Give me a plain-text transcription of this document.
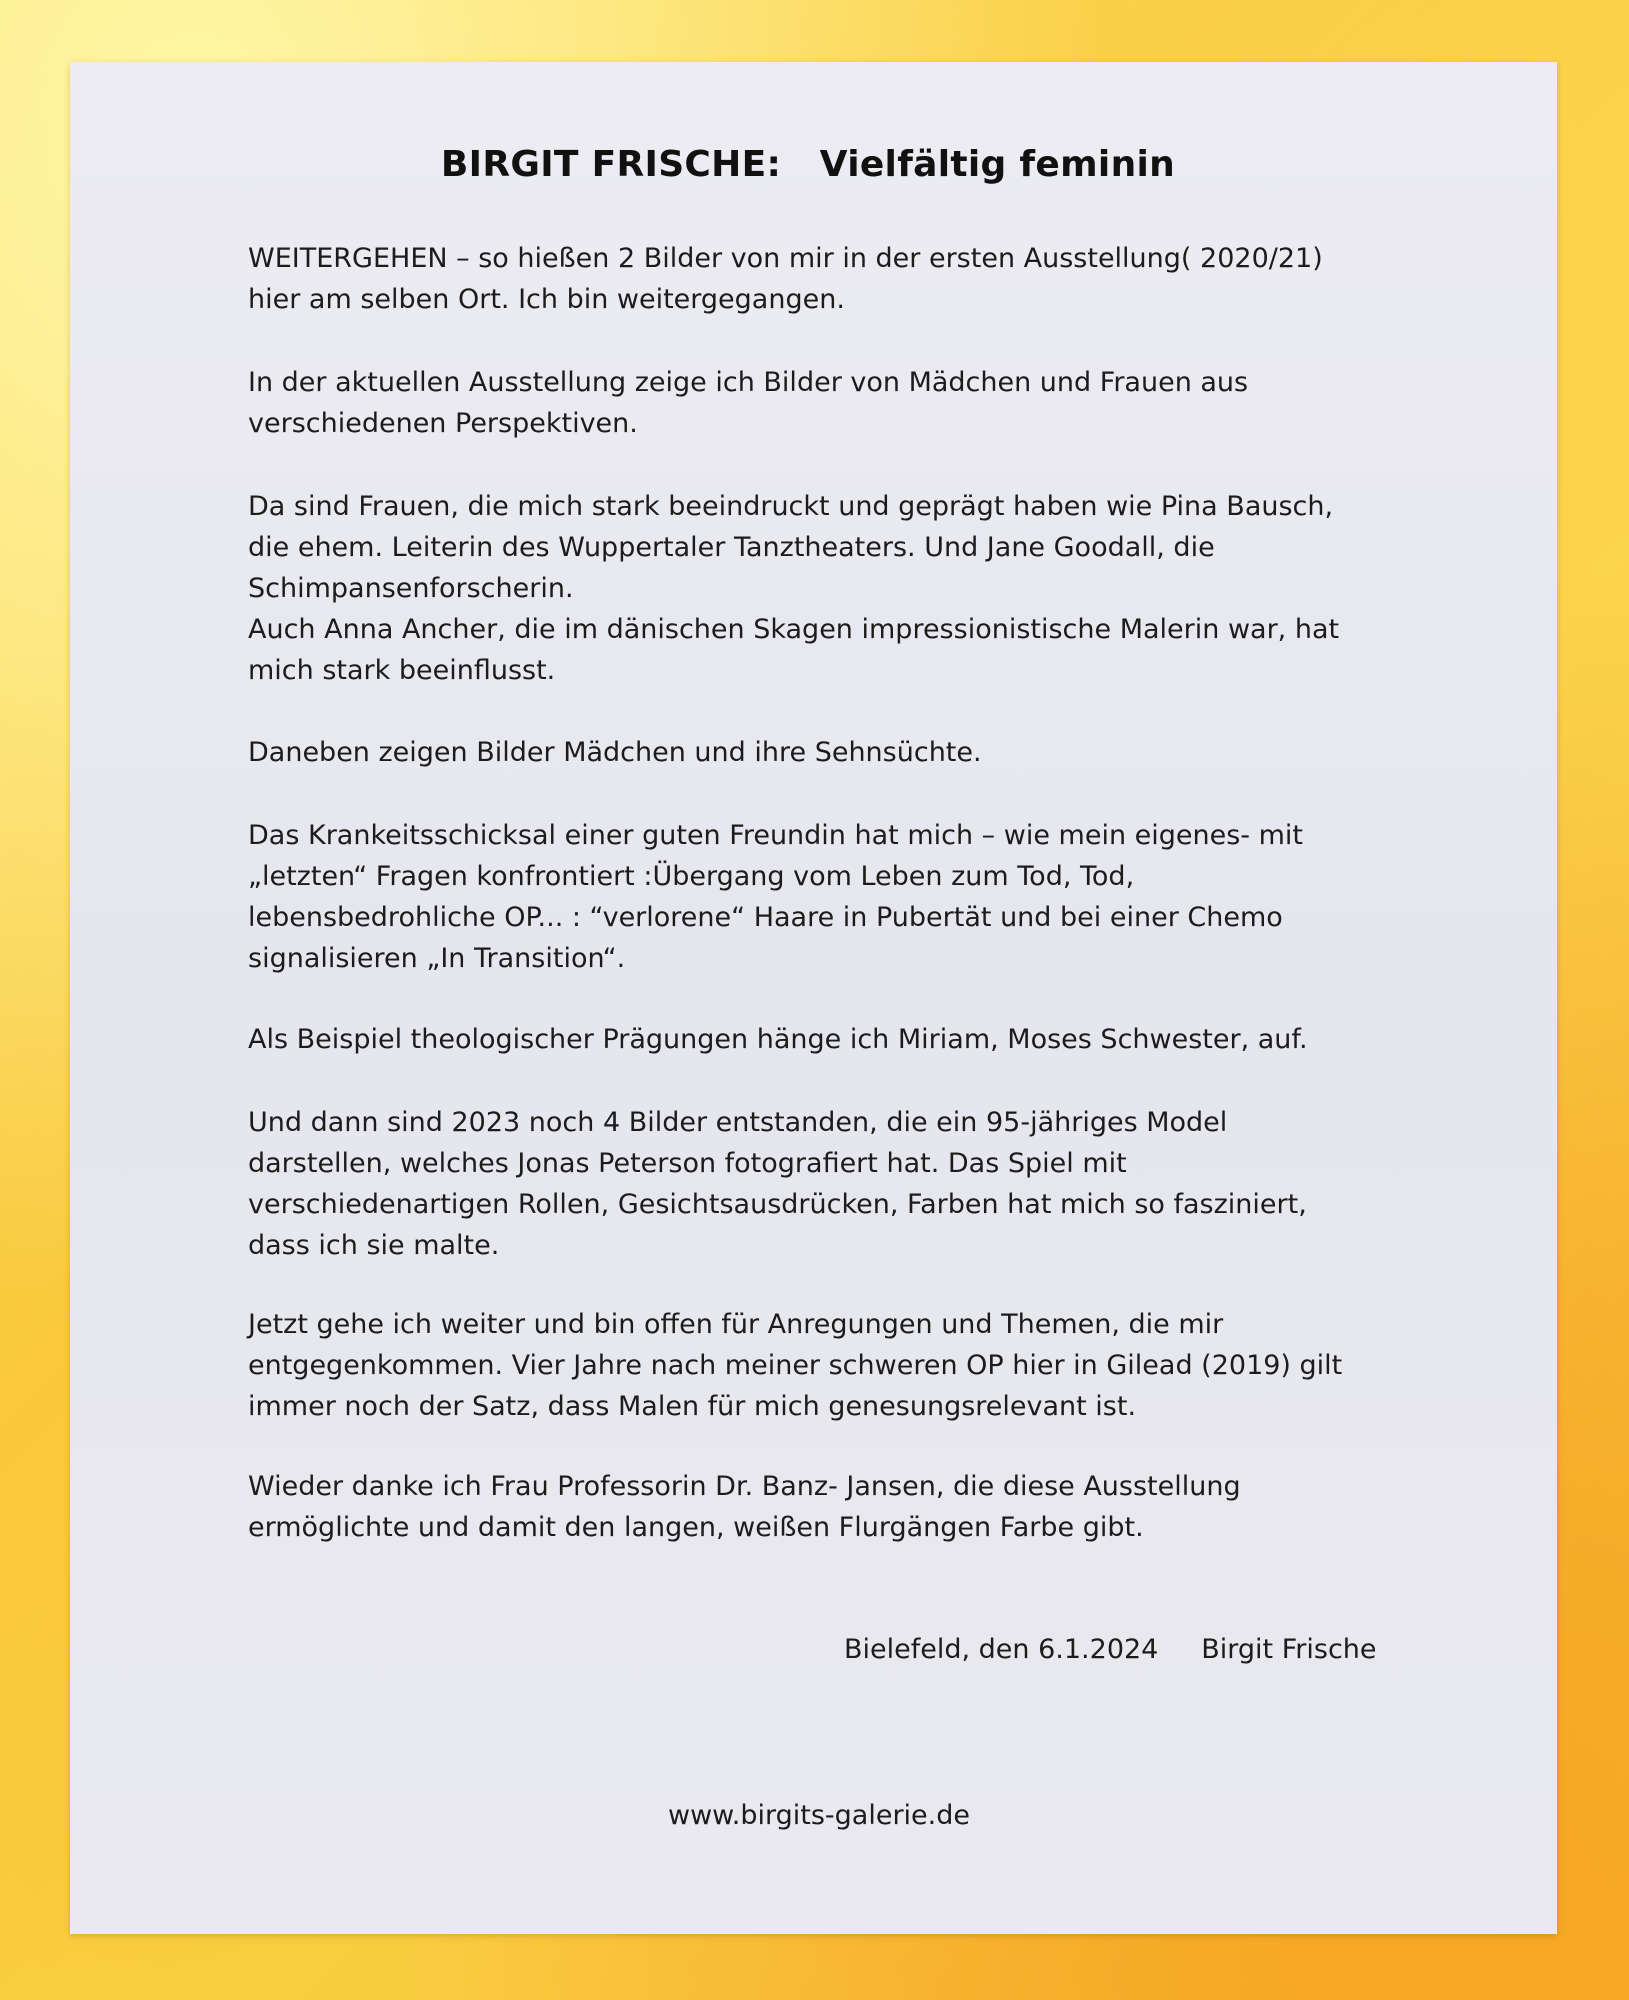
BIRGIT FRISCHE:   Vielfältig feminin

WEITERGEHEN – so hießen 2 Bilder von mir in der ersten Ausstellung( 2020/21)
hier am selben Ort. Ich bin weitergegangen.

In der aktuellen Ausstellung zeige ich Bilder von Mädchen und Frauen aus
verschiedenen Perspektiven.

Da sind Frauen, die mich stark beeindruckt und geprägt haben wie Pina Bausch,
die ehem. Leiterin des Wuppertaler Tanztheaters. Und Jane Goodall, die
Schimpansenforscherin.
Auch Anna Ancher, die im dänischen Skagen impressionistische Malerin war, hat
mich stark beeinflusst.

Daneben zeigen Bilder Mädchen und ihre Sehnsüchte.

Das Krankeitsschicksal einer guten Freundin hat mich – wie mein eigenes- mit
„letzten“ Fragen konfrontiert :Übergang vom Leben zum Tod, Tod,
lebensbedrohliche OP... : “verlorene“ Haare in Pubertät und bei einer Chemo
signalisieren „In Transition“.

Als Beispiel theologischer Prägungen hänge ich Miriam, Moses Schwester, auf.

Und dann sind 2023 noch 4 Bilder entstanden, die ein 95-jähriges Model
darstellen, welches Jonas Peterson fotografiert hat. Das Spiel mit
verschiedenartigen Rollen, Gesichtsausdrücken, Farben hat mich so fasziniert,
dass ich sie malte.

Jetzt gehe ich weiter und bin offen für Anregungen und Themen, die mir
entgegenkommen. Vier Jahre nach meiner schweren OP hier in Gilead (2019) gilt
immer noch der Satz, dass Malen für mich genesungsrelevant ist.

Wieder danke ich Frau Professorin Dr. Banz- Jansen, die diese Ausstellung
ermöglichte und damit den langen, weißen Flurgängen Farbe gibt.

Bielefeld, den 6.1.2024     Birgit Frische
www.birgits-galerie.de
